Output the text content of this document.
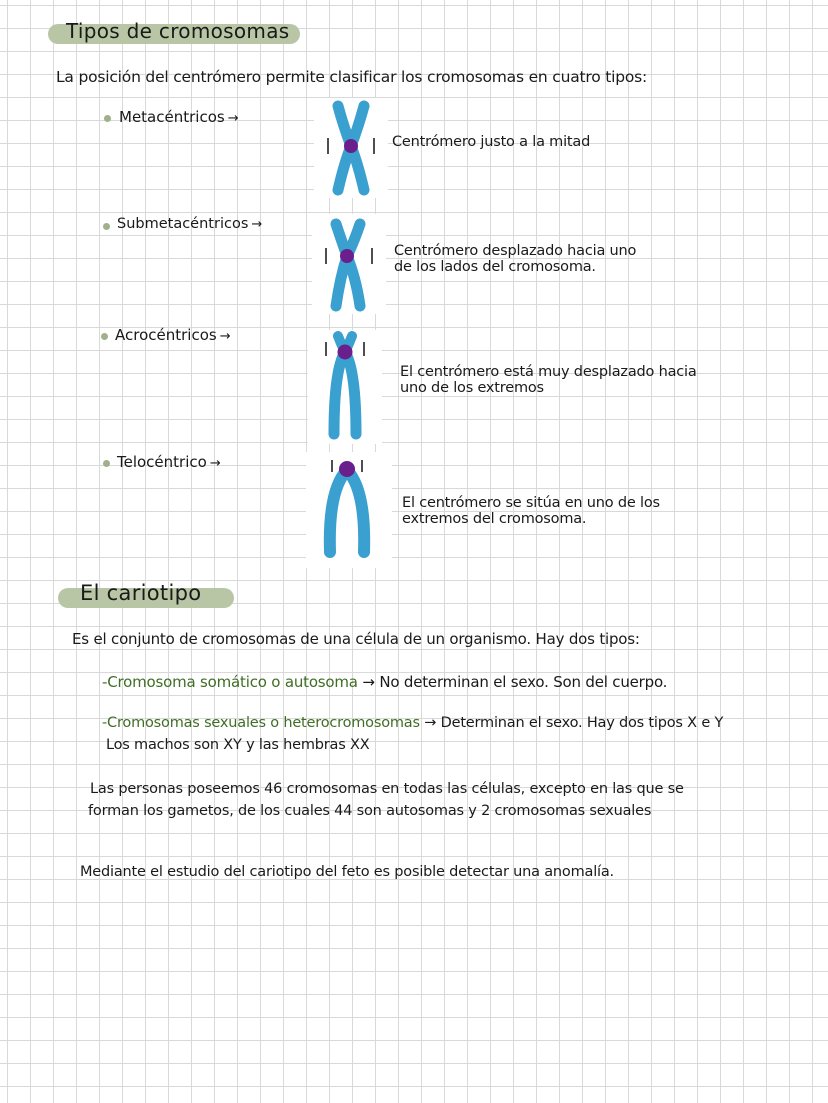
Tipos de cromosomas
La posición del centrómero permite clasificar los cromosomas en cuatro tipos:
Metacéntricos →
Centrómero justo a la mitad
Submetacéntricos →
Centrómero desplazado hacia uno
de los lados del cromosoma.
Acrocéntricos →
El centrómero está muy desplazado hacia
uno de los extremos
Telocéntrico →
El centrómero se sitúa en uno de los
extremos del cromosoma.
El cariotipo
Es el conjunto de cromosomas de una célula de un organismo. Hay dos tipos:
-Cromosoma somático o autosoma → No determinan el sexo. Son del cuerpo.
-Cromosomas sexuales o heterocromosomas → Determinan el sexo. Hay dos tipos X e Y
Los machos son XY y las hembras XX
Las personas poseemos 46 cromosomas en todas las células, excepto en las que se
forman los gametos, de los cuales 44 son autosomas y 2 cromosomas sexuales
Mediante el estudio del cariotipo del feto es posible detectar una anomalía.
